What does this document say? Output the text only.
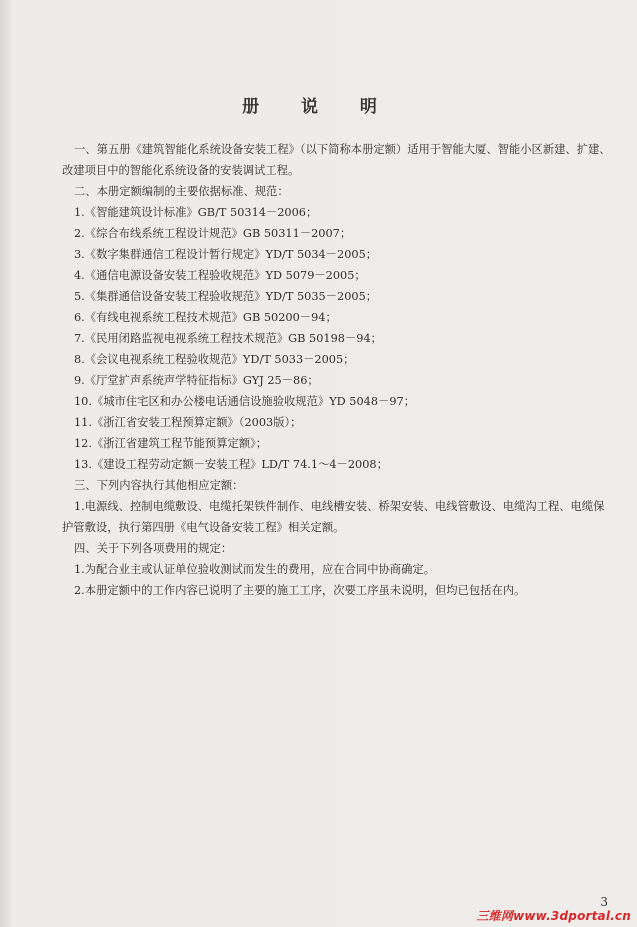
册 说 明

一、第五册《建筑智能化系统设备安装工程》（以下简称本册定额）适用于智能大厦、智能小区新建、扩建、改建项目中的智能化系统设备的安装调试工程。

二、本册定额编制的主要依据标准、规范：

1.《智能建筑设计标准》GB/T 50314－2006；
2.《综合布线系统工程设计规范》GB 50311－2007；
3.《数字集群通信工程设计暂行规定》YD/T 5034－2005；
4.《通信电源设备安装工程验收规范》YD 5079－2005；
5.《集群通信设备安装工程验收规范》YD/T 5035－2005；
6.《有线电视系统工程技术规范》GB 50200－94；
7.《民用闭路监视电视系统工程技术规范》GB 50198－94；
8.《会议电视系统工程验收规范》YD/T 5033－2005；
9.《厅堂扩声系统声学特征指标》GYJ 25－86；
10.《城市住宅区和办公楼电话通信设施验收规范》YD 5048－97；
11.《浙江省安装工程预算定额》（2003版）；
12.《浙江省建筑工程节能预算定额》；
13.《建设工程劳动定额－安装工程》LD/T 74.1～4－2008；

三、下列内容执行其他相应定额：

1.电源线、控制电缆敷设、电缆托架铁件制作、电线槽安装、桥架安装、电线管敷设、电缆沟工程、电缆保护管敷设，执行第四册《电气设备安装工程》相关定额。

四、关于下列各项费用的规定：

1.为配合业主或认证单位验收测试而发生的费用，应在合同中协商确定。

2.本册定额中的工作内容已说明了主要的施工工序，次要工序虽未说明，但均已包括在内。

3
三维网www.3dportal.cn
